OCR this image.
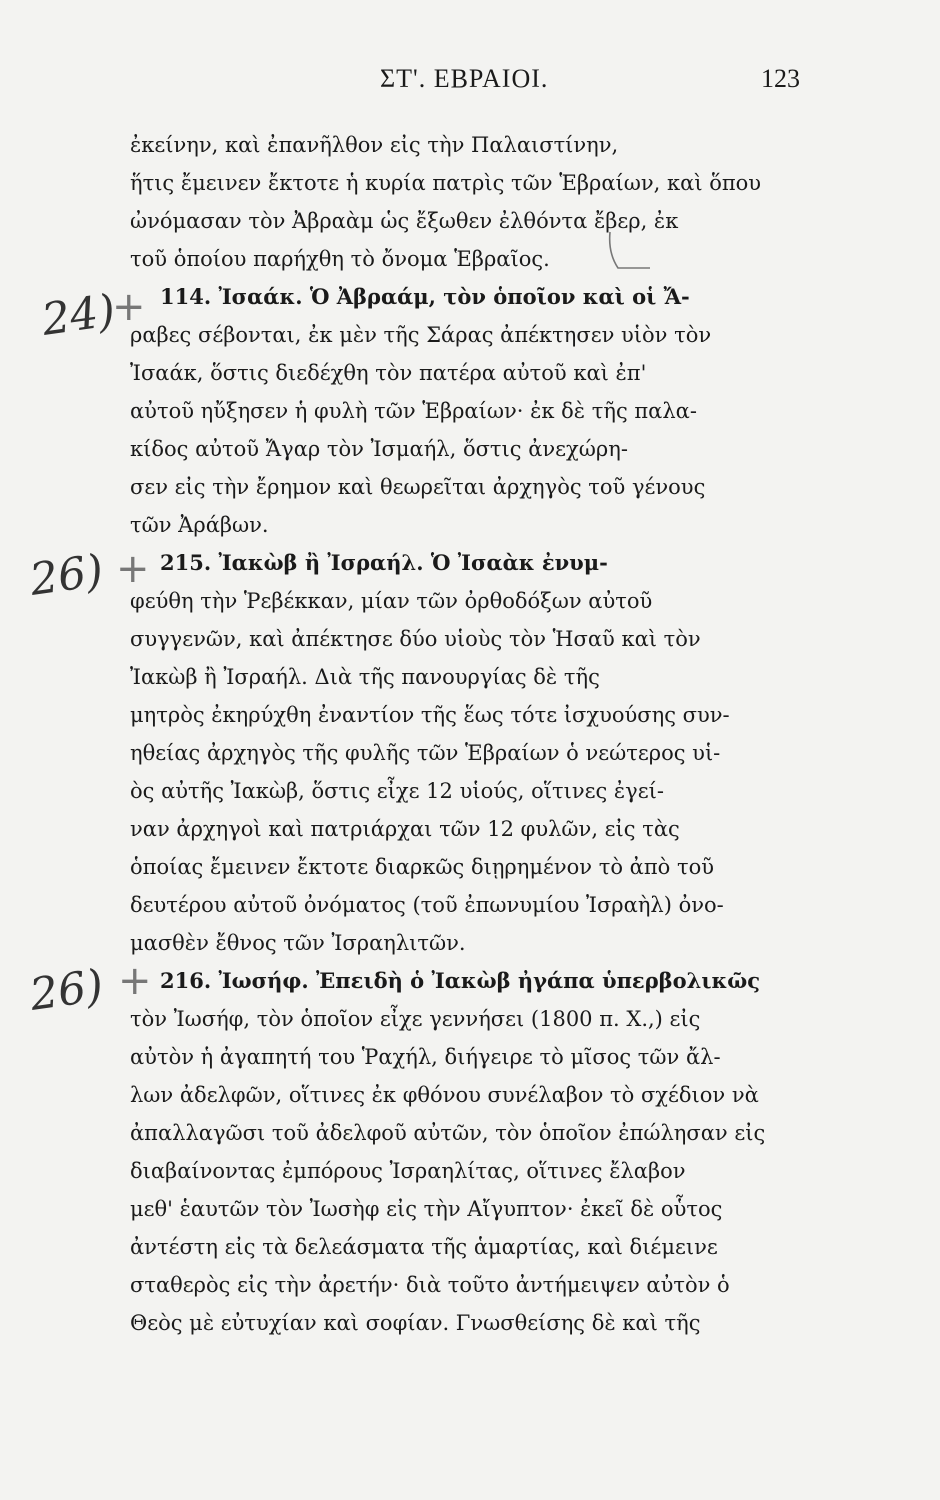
ΣΤ'. ΕΒΡΑΙΟΙ.	123
ἐκείνην, καὶ ἐπανῆλθον εἰς τὴν Παλαιστίνην,
ἥτις ἔμεινεν ἔκτοτε ἡ κυρία πατρὶς τῶν Ἑβραίων, καὶ ὅπου
ὠνόμασαν τὸν Ἀβραὰμ ὡς ἔξωθεν ἐλθόντα ἔβερ, ἐκ
τοῦ ὁποίου παρήχθη τὸ ὄνομα Ἑβραῖος.
114. Ἰσαάκ. Ὁ Ἀβραάμ, τὸν ὁποῖον καὶ οἱ Ἄ-
ραβες σέβονται, ἐκ μὲν τῆς Σάρας ἀπέκτησεν υἱὸν τὸν
Ἰσαάκ, ὅστις διεδέχθη τὸν πατέρα αὐτοῦ καὶ ἐπ'
αὐτοῦ ηὔξησεν ἡ φυλὴ τῶν Ἑβραίων· ἐκ δὲ τῆς παλα-
κίδος αὐτοῦ Ἄγαρ τὸν Ἰσμαήλ, ὅστις ἀνεχώρη-
σεν εἰς τὴν ἔρημον καὶ θεωρεῖται ἀρχηγὸς τοῦ γένους
τῶν Ἀράβων.
215. Ἰακὼβ ἢ Ἰσραήλ. Ὁ Ἰσαὰκ ἐνυμ-
φεύθη τὴν Ῥεβέκκαν, μίαν τῶν ὀρθοδόξων αὐτοῦ
συγγενῶν, καὶ ἀπέκτησε δύο υἱοὺς τὸν Ἡσαῦ καὶ τὸν
Ἰακὼβ ἢ Ἰσραήλ. Διὰ τῆς πανουργίας δὲ τῆς
μητρὸς ἐκηρύχθη ἐναντίον τῆς ἕως τότε ἰσχυούσης συν-
ηθείας ἀρχηγὸς τῆς φυλῆς τῶν Ἑβραίων ὁ νεώτερος υἱ-
ὸς αὐτῆς Ἰακὼβ, ὅστις εἶχε 12 υἱούς, οἵτινες ἐγεί-
ναν ἀρχηγοὶ καὶ πατριάρχαι τῶν 12 φυλῶν, εἰς τὰς
ὁποίας ἔμεινεν ἔκτοτε διαρκῶς διῃρημένον τὸ ἀπὸ τοῦ
δευτέρου αὐτοῦ ὀνόματος (τοῦ ἐπωνυμίου Ἰσραὴλ) ὀνο-
μασθὲν ἔθνος τῶν Ἰσραηλιτῶν.
216. Ἰωσήφ. Ἐπειδὴ ὁ Ἰακὼβ ἠγάπα ὑπερβολικῶς
τὸν Ἰωσήφ, τὸν ὁποῖον εἶχε γεννήσει (1800 π. Χ.,) εἰς
αὐτὸν ἡ ἀγαπητή του Ῥαχήλ, διήγειρε τὸ μῖσος τῶν ἄλ-
λων ἀδελφῶν, οἵτινες ἐκ φθόνου συνέλαβον τὸ σχέδιον νὰ
ἀπαλλαγῶσι τοῦ ἀδελφοῦ αὐτῶν, τὸν ὁποῖον ἐπώλησαν εἰς
διαβαίνοντας ἐμπόρους Ἰσραηλίτας, οἵτινες ἔλαβον
μεθ' ἑαυτῶν τὸν Ἰωσὴφ εἰς τὴν Αἴγυπτον· ἐκεῖ δὲ οὗτος
ἀντέστη εἰς τὰ δελεάσματα τῆς ἁμαρτίας, καὶ διέμεινε
σταθερὸς εἰς τὴν ἀρετήν· διὰ τοῦτο ἀντήμειψεν αὐτὸν ὁ
Θεὸς μὲ εὐτυχίαν καὶ σοφίαν. Γνωσθείσης δὲ καὶ τῆς
24)
+
26) +
26) +
